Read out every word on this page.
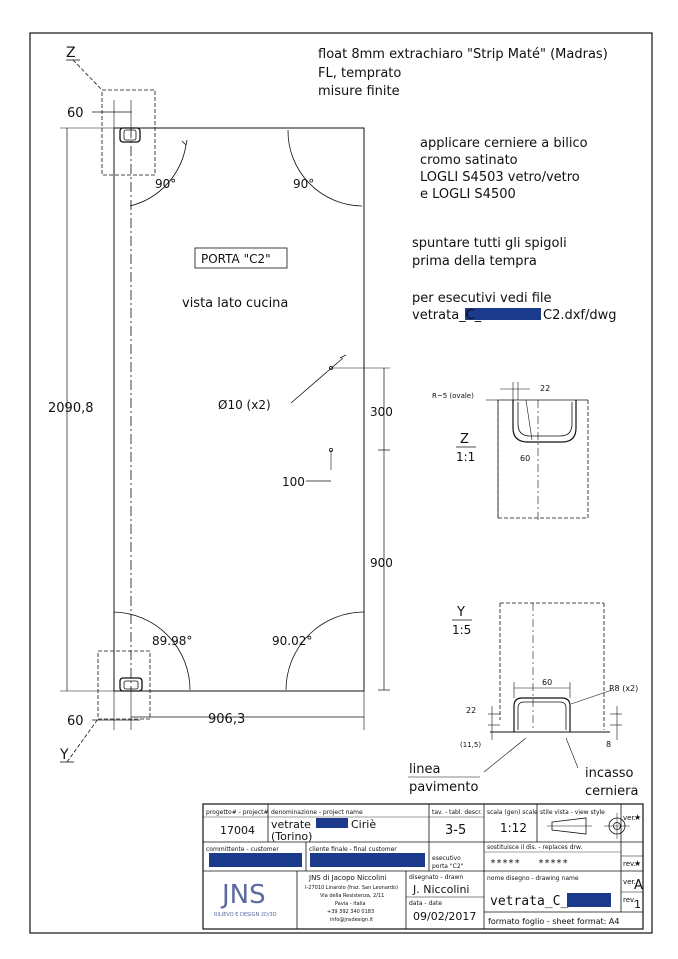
float 8mm extrachiaro "Strip Maté" (Madras)
FL, temprato
misure finite
applicare cerniere a bilico
cromo satinato
LOGLI S4503 vetro/vetro
e LOGLI S4500
spuntare tutti gli spigoli
prima della tempra
per esecutivi vedi file
vetrata_C_	C2.dxf/dwg
PORTA "C2"
vista lato cucina
2090,8
906,3
60
60
90°	90°
89.98°	90.02°
Ø10 (x2)	300
100
900
Z
Y
R~5 (ovale)
22
60
Z
1:1
Y
1:5
60
R8 (x2)
22
(11,5)	8
linea
pavimento
incasso
cerniera
progetto# - project#
17004
denominazione - project name
vetrate	Ciriè
(Torino)
tav. - tabl. descr.
3-5
scala (gen) scale
1:12
stile vista - view style
ver.
★
committente - customer	cliente finale - final customer
esecutivo
porta "C2"
sostituisce il dis. - replaces drw.
***** *****	rev.
★
JNS
RILIEVO E DESIGN 2D/3D
JNS di Jacopo Niccolini
I-27010 Linarolo (fraz. San Leonardo)
Via della Resistenza, 2/11
Pavia - Italia
+39 392 340 0183
info@jnsdesign.it
disegnato - drawn
J. Niccolini
data - date
09/02/2017
nome disegno - drawing name
vetrata_C_
formato foglio - sheet format: A4
ver.
A
rev.
1
